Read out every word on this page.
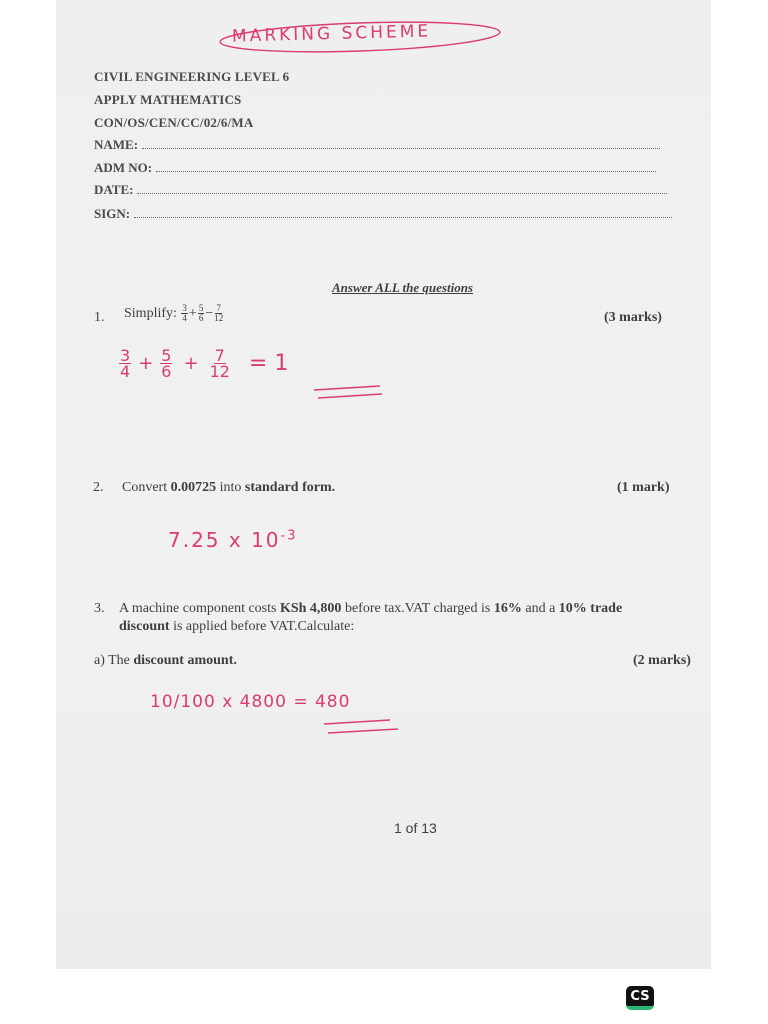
MARKING SCHEME
CIVIL ENGINEERING LEVEL 6
APPLY MATHEMATICS
CON/OS/CEN/CC/02/6/MA
NAME:
ADM NO:
DATE:
SIGN:
Answer ALL the questions
1. Simplify:
$\frac{3}{4} + \frac{5}{6} - \frac{7}{12}$	(3 marks)
$\frac{3}{4} + \frac{5}{6} + \frac{7}{12} = 1$
2. Convert 0.00725 into standard form.	(1 mark)
7.25 x $10^{-3}$
3. A machine component costs KSh 4,800 before tax.VAT charged is 16% and a 10% trade
discount is applied before VAT.Calculate:
a) The discount amount.	(2 marks)
10/100 x 4800 = 480
1 of 13
CS
